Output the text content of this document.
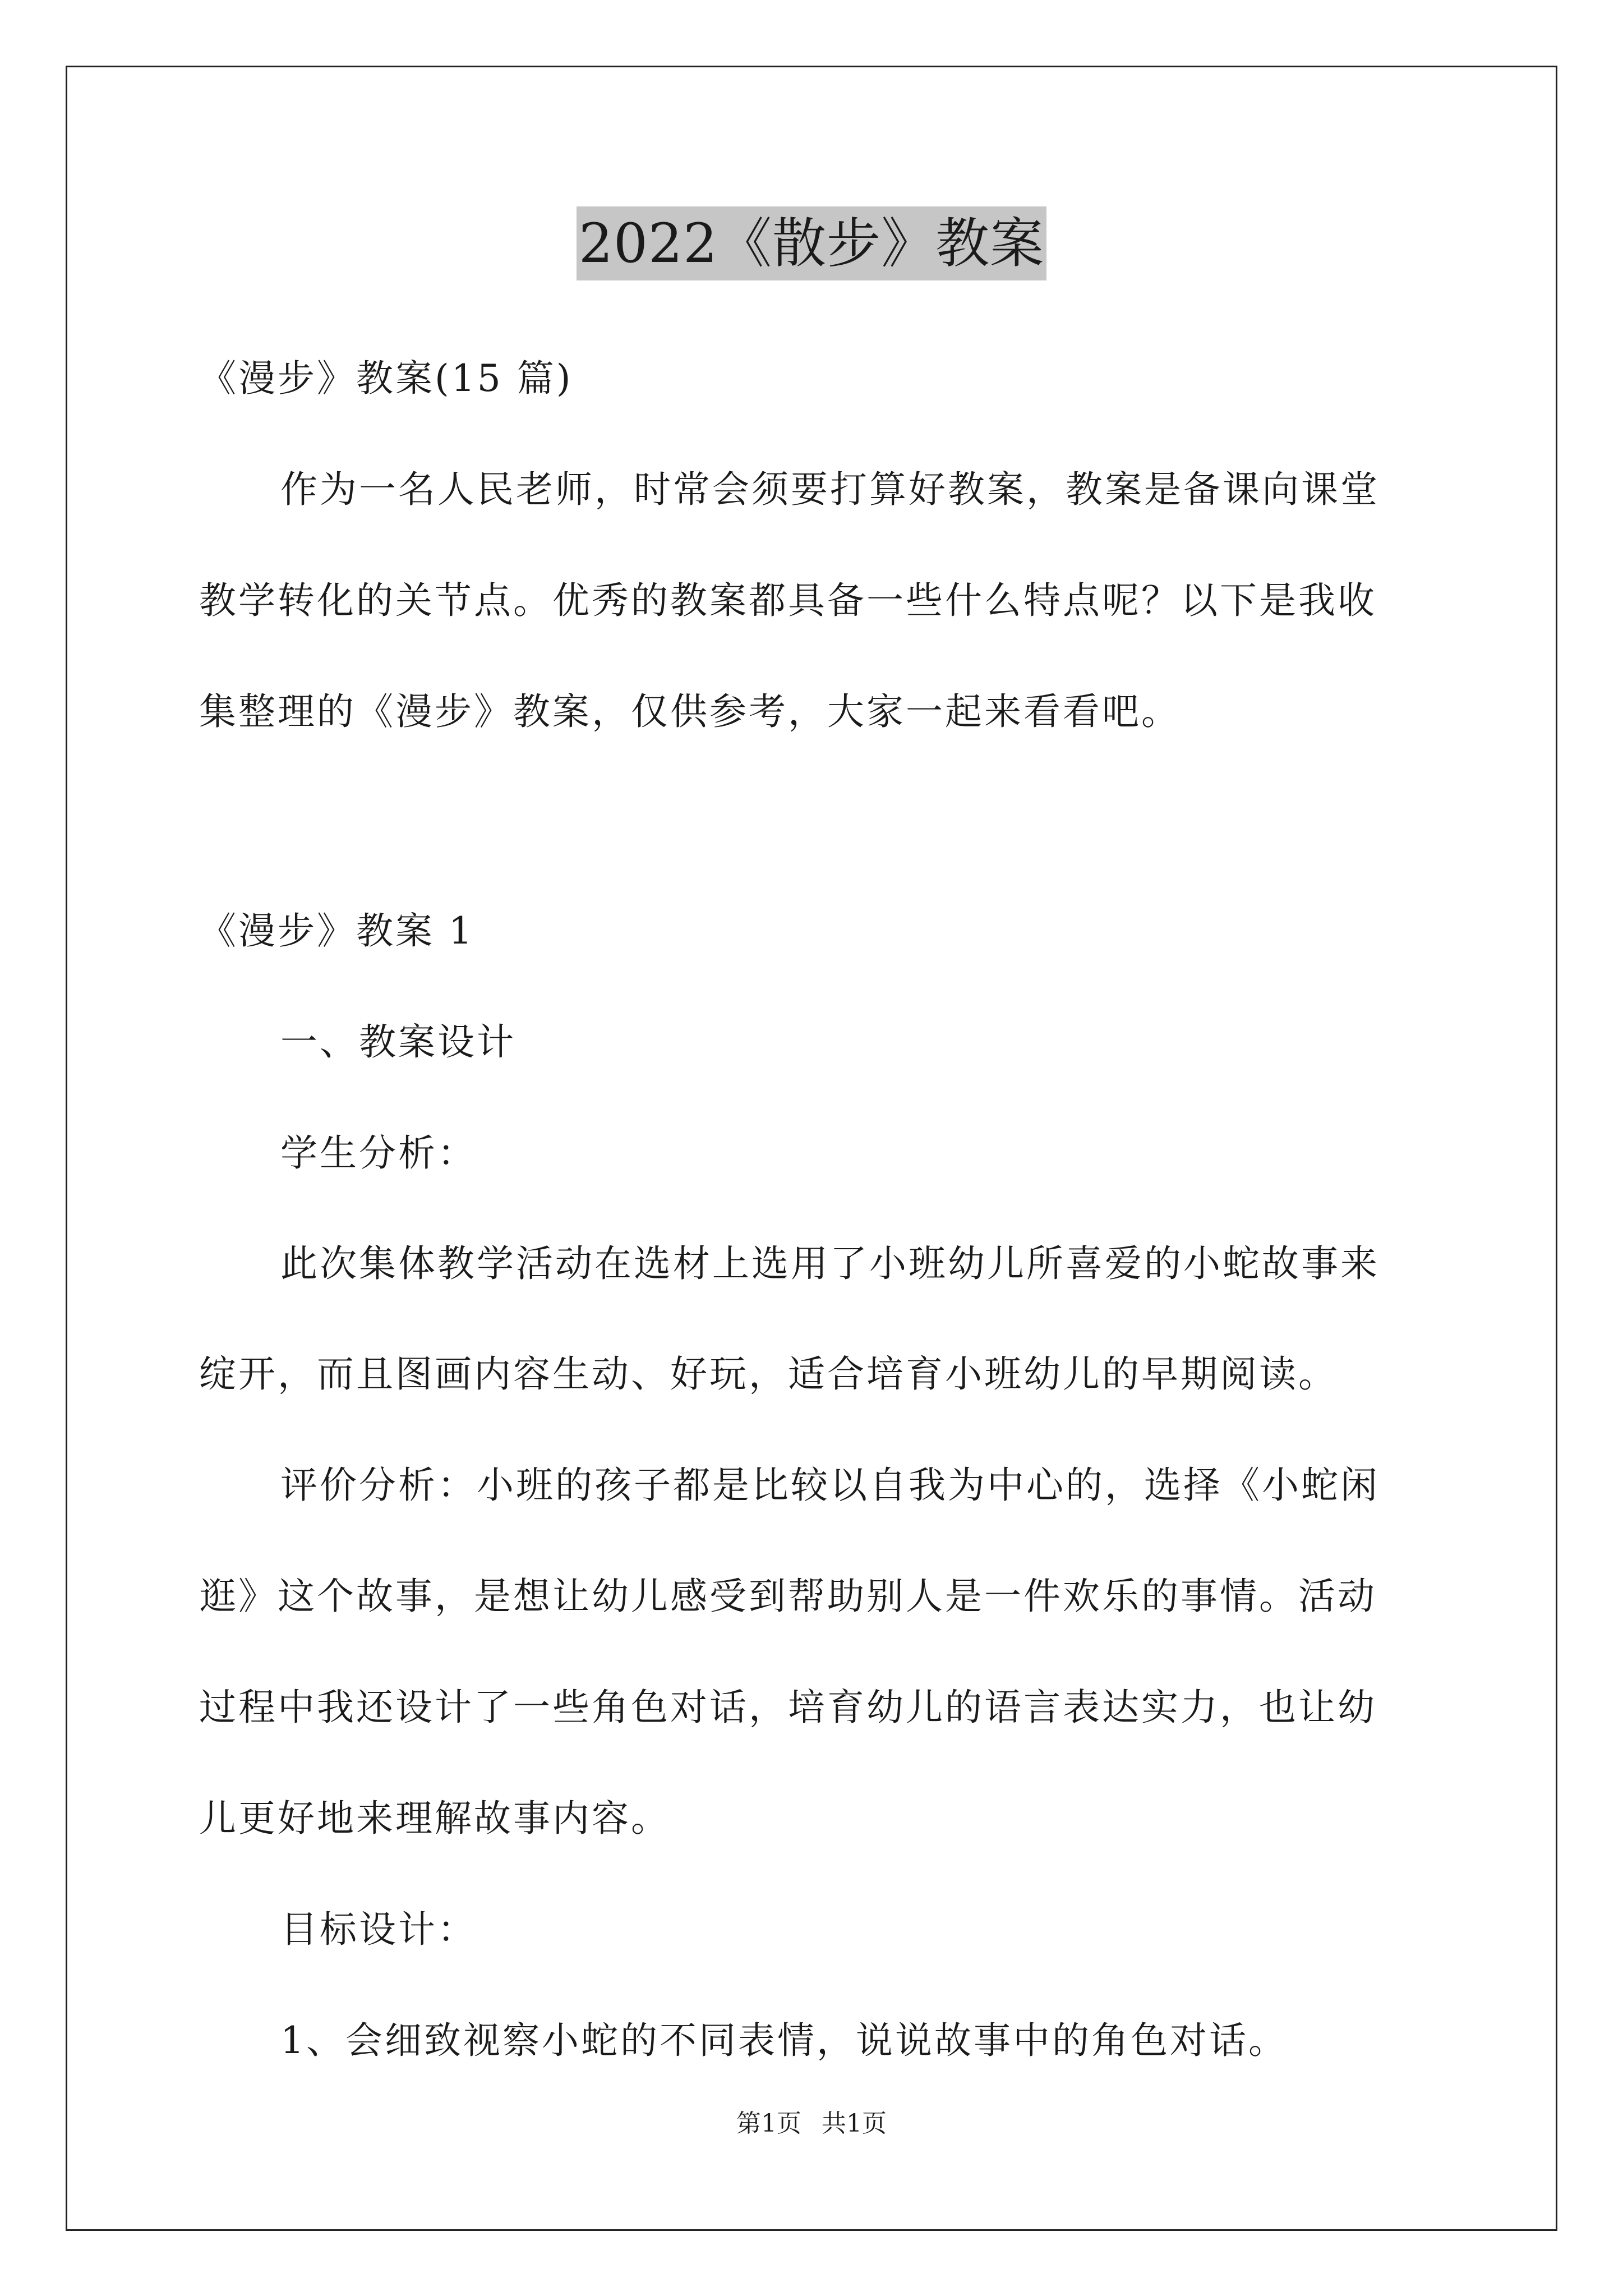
2022《散步》教案
《漫步》教案(15 篇)
作为一名人民老师，时常会须要打算好教案，教案是备课向课堂
教学转化的关节点。优秀的教案都具备一些什么特点呢？以下是我收
集整理的《漫步》教案，仅供参考，大家一起来看看吧。
《漫步》教案 1
一、教案设计
学生分析：
此次集体教学活动在选材上选用了小班幼儿所喜爱的小蛇故事来
绽开，而且图画内容生动、好玩，适合培育小班幼儿的早期阅读。
评价分析：小班的孩子都是比较以自我为中心的，选择《小蛇闲
逛》这个故事，是想让幼儿感受到帮助别人是一件欢乐的事情。活动
过程中我还设计了一些角色对话，培育幼儿的语言表达实力，也让幼
儿更好地来理解故事内容。
目标设计：
1、会细致视察小蛇的不同表情，说说故事中的角色对话。
第1页 共1页
